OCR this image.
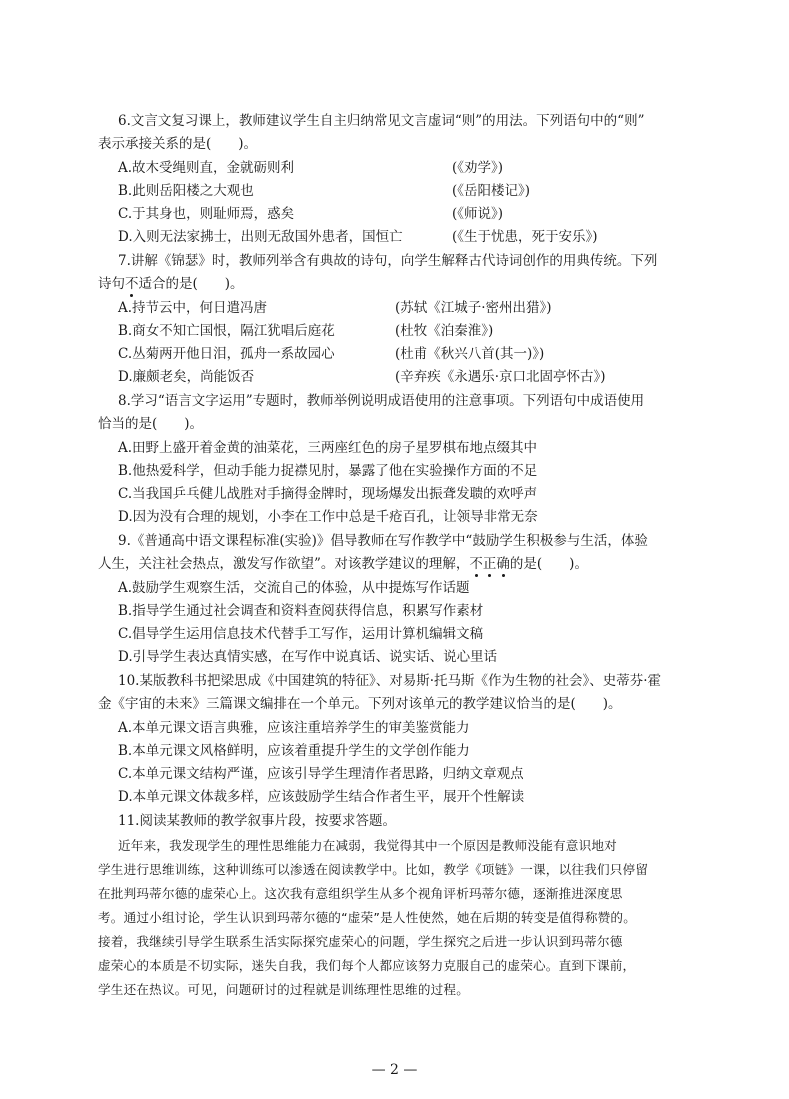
6.文言文复习课上，教师建议学生自主归纳常见文言虚词“则”的用法。下列语句中的“则”
表示承接关系的是(　　)。
A.故木受绳则直，金就砺则利	(《劝学》)
B.此则岳阳楼之大观也	(《岳阳楼记》)
C.于其身也，则耻师焉，惑矣	(《师说》)
D.入则无法家拂士，出则无敌国外患者，国恒亡	(《生于忧患，死于安乐》)
7.讲解《锦瑟》时，教师列举含有典故的诗句，向学生解释古代诗词创作的用典传统。下列
诗句不适合的是(　　)。
A.持节云中，何日遣冯唐	(苏轼《江城子·密州出猎》)
B.商女不知亡国恨，隔江犹唱后庭花	(杜牧《泊秦淮》)
C.丛菊两开他日泪，孤舟一系故园心	(杜甫《秋兴八首(其一)》)
D.廉颇老矣，尚能饭否	(辛弃疾《永遇乐·京口北固亭怀古》)
8.学习“语言文字运用”专题时，教师举例说明成语使用的注意事项。下列语句中成语使用
恰当的是(　　)。
A.田野上盛开着金黄的油菜花，三两座红色的房子星罗棋布地点缀其中
B.他热爱科学，但动手能力捉襟见肘，暴露了他在实验操作方面的不足
C.当我国乒乓健儿战胜对手摘得金牌时，现场爆发出振聋发聩的欢呼声
D.因为没有合理的规划，小李在工作中总是千疮百孔，让领导非常无奈
9.《普通高中语文课程标准(实验)》倡导教师在写作教学中“鼓励学生积极参与生活，体验
人生，关注社会热点，激发写作欲望”。对该教学建议的理解，不正确的是(　　)。
A.鼓励学生观察生活，交流自己的体验，从中提炼写作话题
B.指导学生通过社会调查和资料查阅获得信息，积累写作素材
C.倡导学生运用信息技术代替手工写作，运用计算机编辑文稿
D.引导学生表达真情实感，在写作中说真话、说实话、说心里话
10.某版教科书把梁思成《中国建筑的特征》、对易斯·托马斯《作为生物的社会》、史蒂芬·霍
金《宇宙的未来》三篇课文编排在一个单元。下列对该单元的教学建议恰当的是(　　)。
A.本单元课文语言典雅，应该注重培养学生的审美鉴赏能力
B.本单元课文风格鲜明，应该着重提升学生的文学创作能力
C.本单元课文结构严谨，应该引导学生理清作者思路，归纳文章观点
D.本单元课文体裁多样，应该鼓励学生结合作者生平，展开个性解读
11.阅读某教师的教学叙事片段，按要求答题。
近年来，我发现学生的理性思维能力在减弱，我觉得其中一个原因是教师没能有意识地对
学生进行思维训练，这种训练可以渗透在阅读教学中。比如，教学《项链》一课，以往我们只停留
在批判玛蒂尔德的虚荣心上。这次我有意组织学生从多个视角评析玛蒂尔德，逐渐推进深度思
考。通过小组讨论，学生认识到玛蒂尔德的“虚荣”是人性使然，她在后期的转变是值得称赞的。
接着，我继续引导学生联系生活实际探究虚荣心的问题，学生探究之后进一步认识到玛蒂尔德
虚荣心的本质是不切实际，迷失自我，我们每个人都应该努力克服自己的虚荣心。直到下课前，
学生还在热议。可见，问题研讨的过程就是训练理性思维的过程。
— 2 —
